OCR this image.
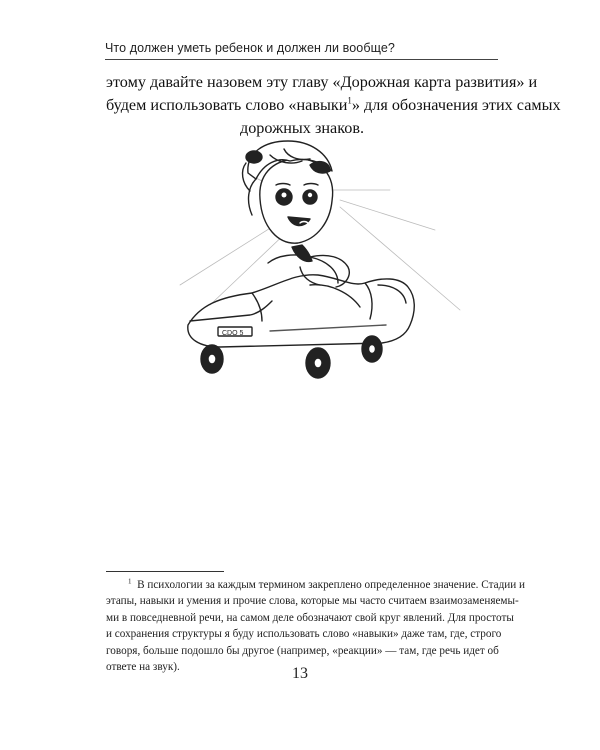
Что должен уметь ребенок и должен ли вообще?
этому давайте назовем эту главу «Дорожная карта развития» и
будем использовать слово «навыки$^1$» для обозначения этих самых
дорожных знаков.
CDO 5
$^1$ В психологии за каждым термином закреплено определенное значение. Стадии и
этапы, навыки и умения и прочие слова, которые мы часто считаем взаимозаменяемы-
ми в повседневной речи, на самом деле обозначают свой круг явлений. Для простоты
и сохранения структуры я буду использовать слово «навыки» даже там, где, строго
говоря, больше подошло бы другое (например, «реакции» — там, где речь идет об
ответе на звук).	13
